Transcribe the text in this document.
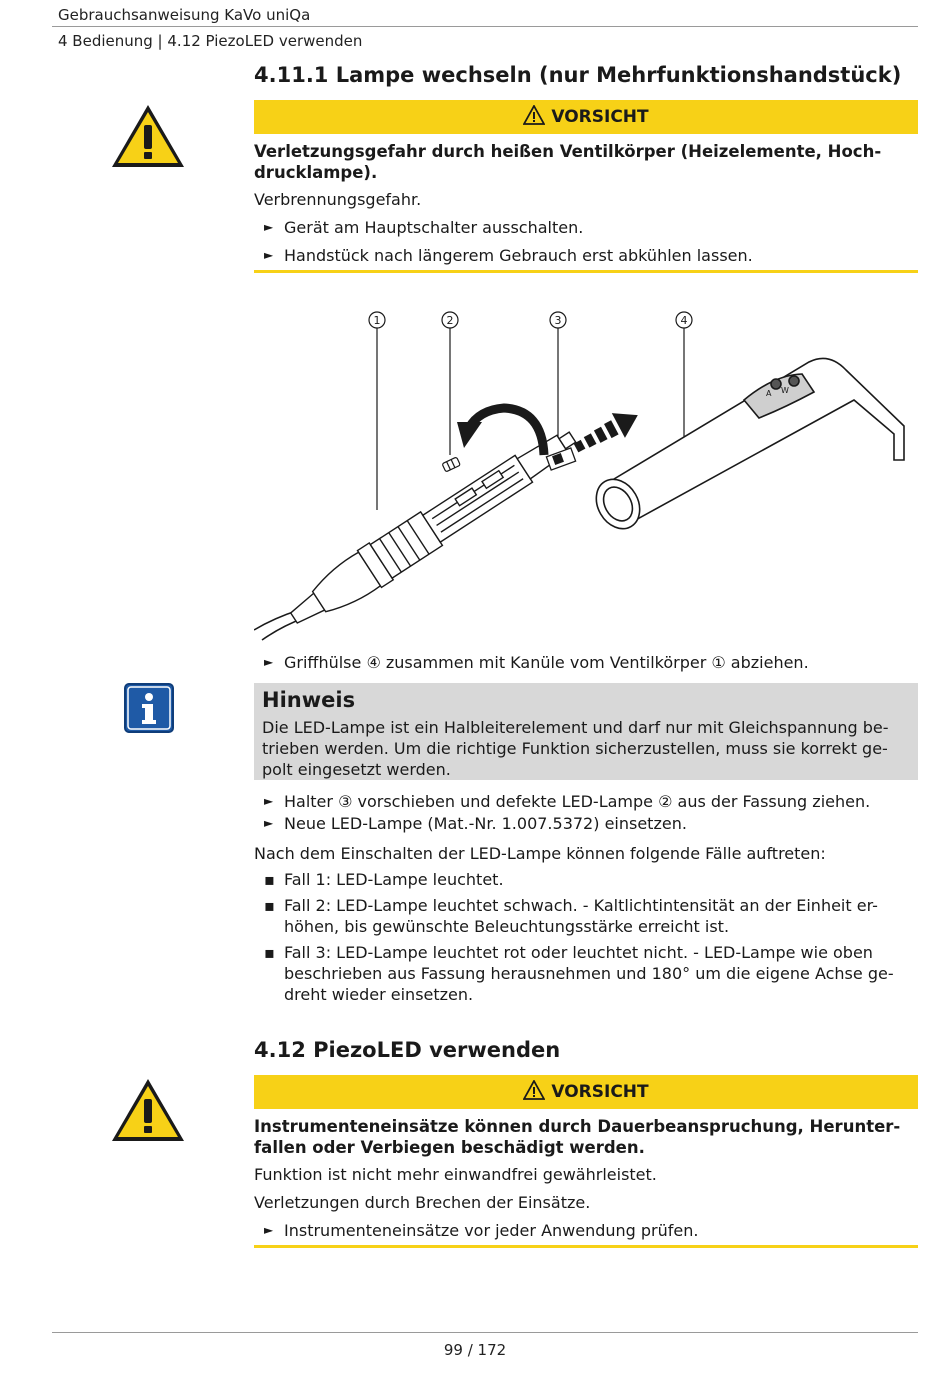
Gebrauchsanweisung KaVo uniQa
4 Bedienung | 4.12 PiezoLED verwenden
4.11.1 Lampe wechseln (nur Mehrfunktionshandstück)
VORSICHT
Verletzungsgefahr durch heißen Ventilkörper (Heizelemente, Hoch-
drucklampe).
Verbrennungsgefahr.
► Gerät am Hauptschalter ausschalten.
► Handstück nach längerem Gebrauch erst abkühlen lassen.
1	2	3	4
A W
► Griffhülse ④ zusammen mit Kanüle vom Ventilkörper ① abziehen.
Hinweis
Die LED-Lampe ist ein Halbleiterelement und darf nur mit Gleichspannung be-
trieben werden. Um die richtige Funktion sicherzustellen, muss sie korrekt ge-
polt eingesetzt werden.
► Halter ③ vorschieben und defekte LED-Lampe ② aus der Fassung ziehen.
► Neue LED-Lampe (Mat.-Nr. 1.007.5372) einsetzen.
Nach dem Einschalten der LED-Lampe können folgende Fälle auftreten:
▪ Fall 1: LED-Lampe leuchtet.
▪ Fall 2: LED-Lampe leuchtet schwach. - Kaltlichtintensität an der Einheit er-
höhen, bis gewünschte Beleuchtungsstärke erreicht ist.
▪ Fall 3: LED-Lampe leuchtet rot oder leuchtet nicht. - LED-Lampe wie oben
beschrieben aus Fassung herausnehmen und 180° um die eigene Achse ge-
dreht wieder einsetzen.
4.12 PiezoLED verwenden
VORSICHT
Instrumenteneinsätze können durch Dauerbeanspruchung, Herunter-
fallen oder Verbiegen beschädigt werden.
Funktion ist nicht mehr einwandfrei gewährleistet.
Verletzungen durch Brechen der Einsätze.
► Instrumenteneinsätze vor jeder Anwendung prüfen.
99 / 172
